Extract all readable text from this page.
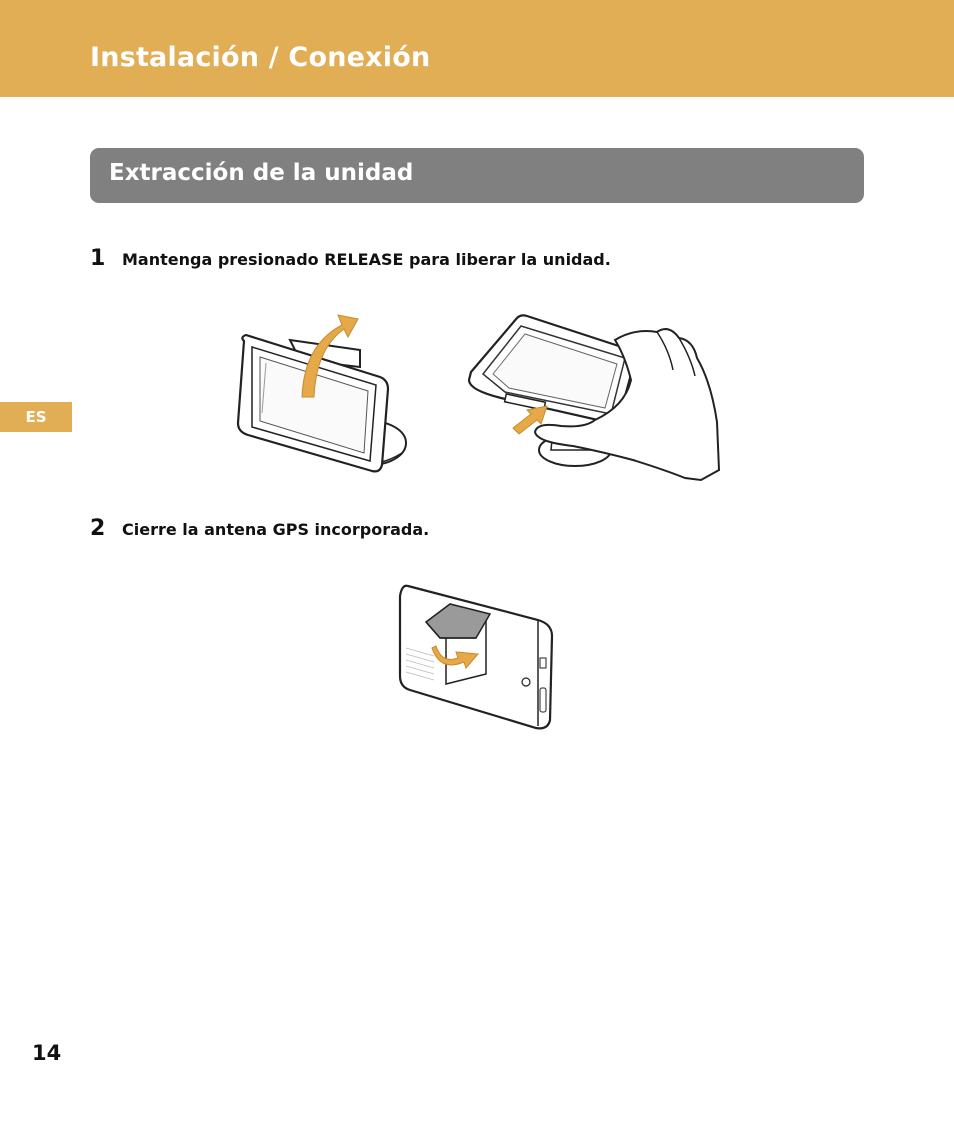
Instalación / Conexión
Extracción de la unidad
ES
1 Mantenga presionado RELEASE para liberar la unidad.
2 Cierre la antena GPS incorporada.
14
